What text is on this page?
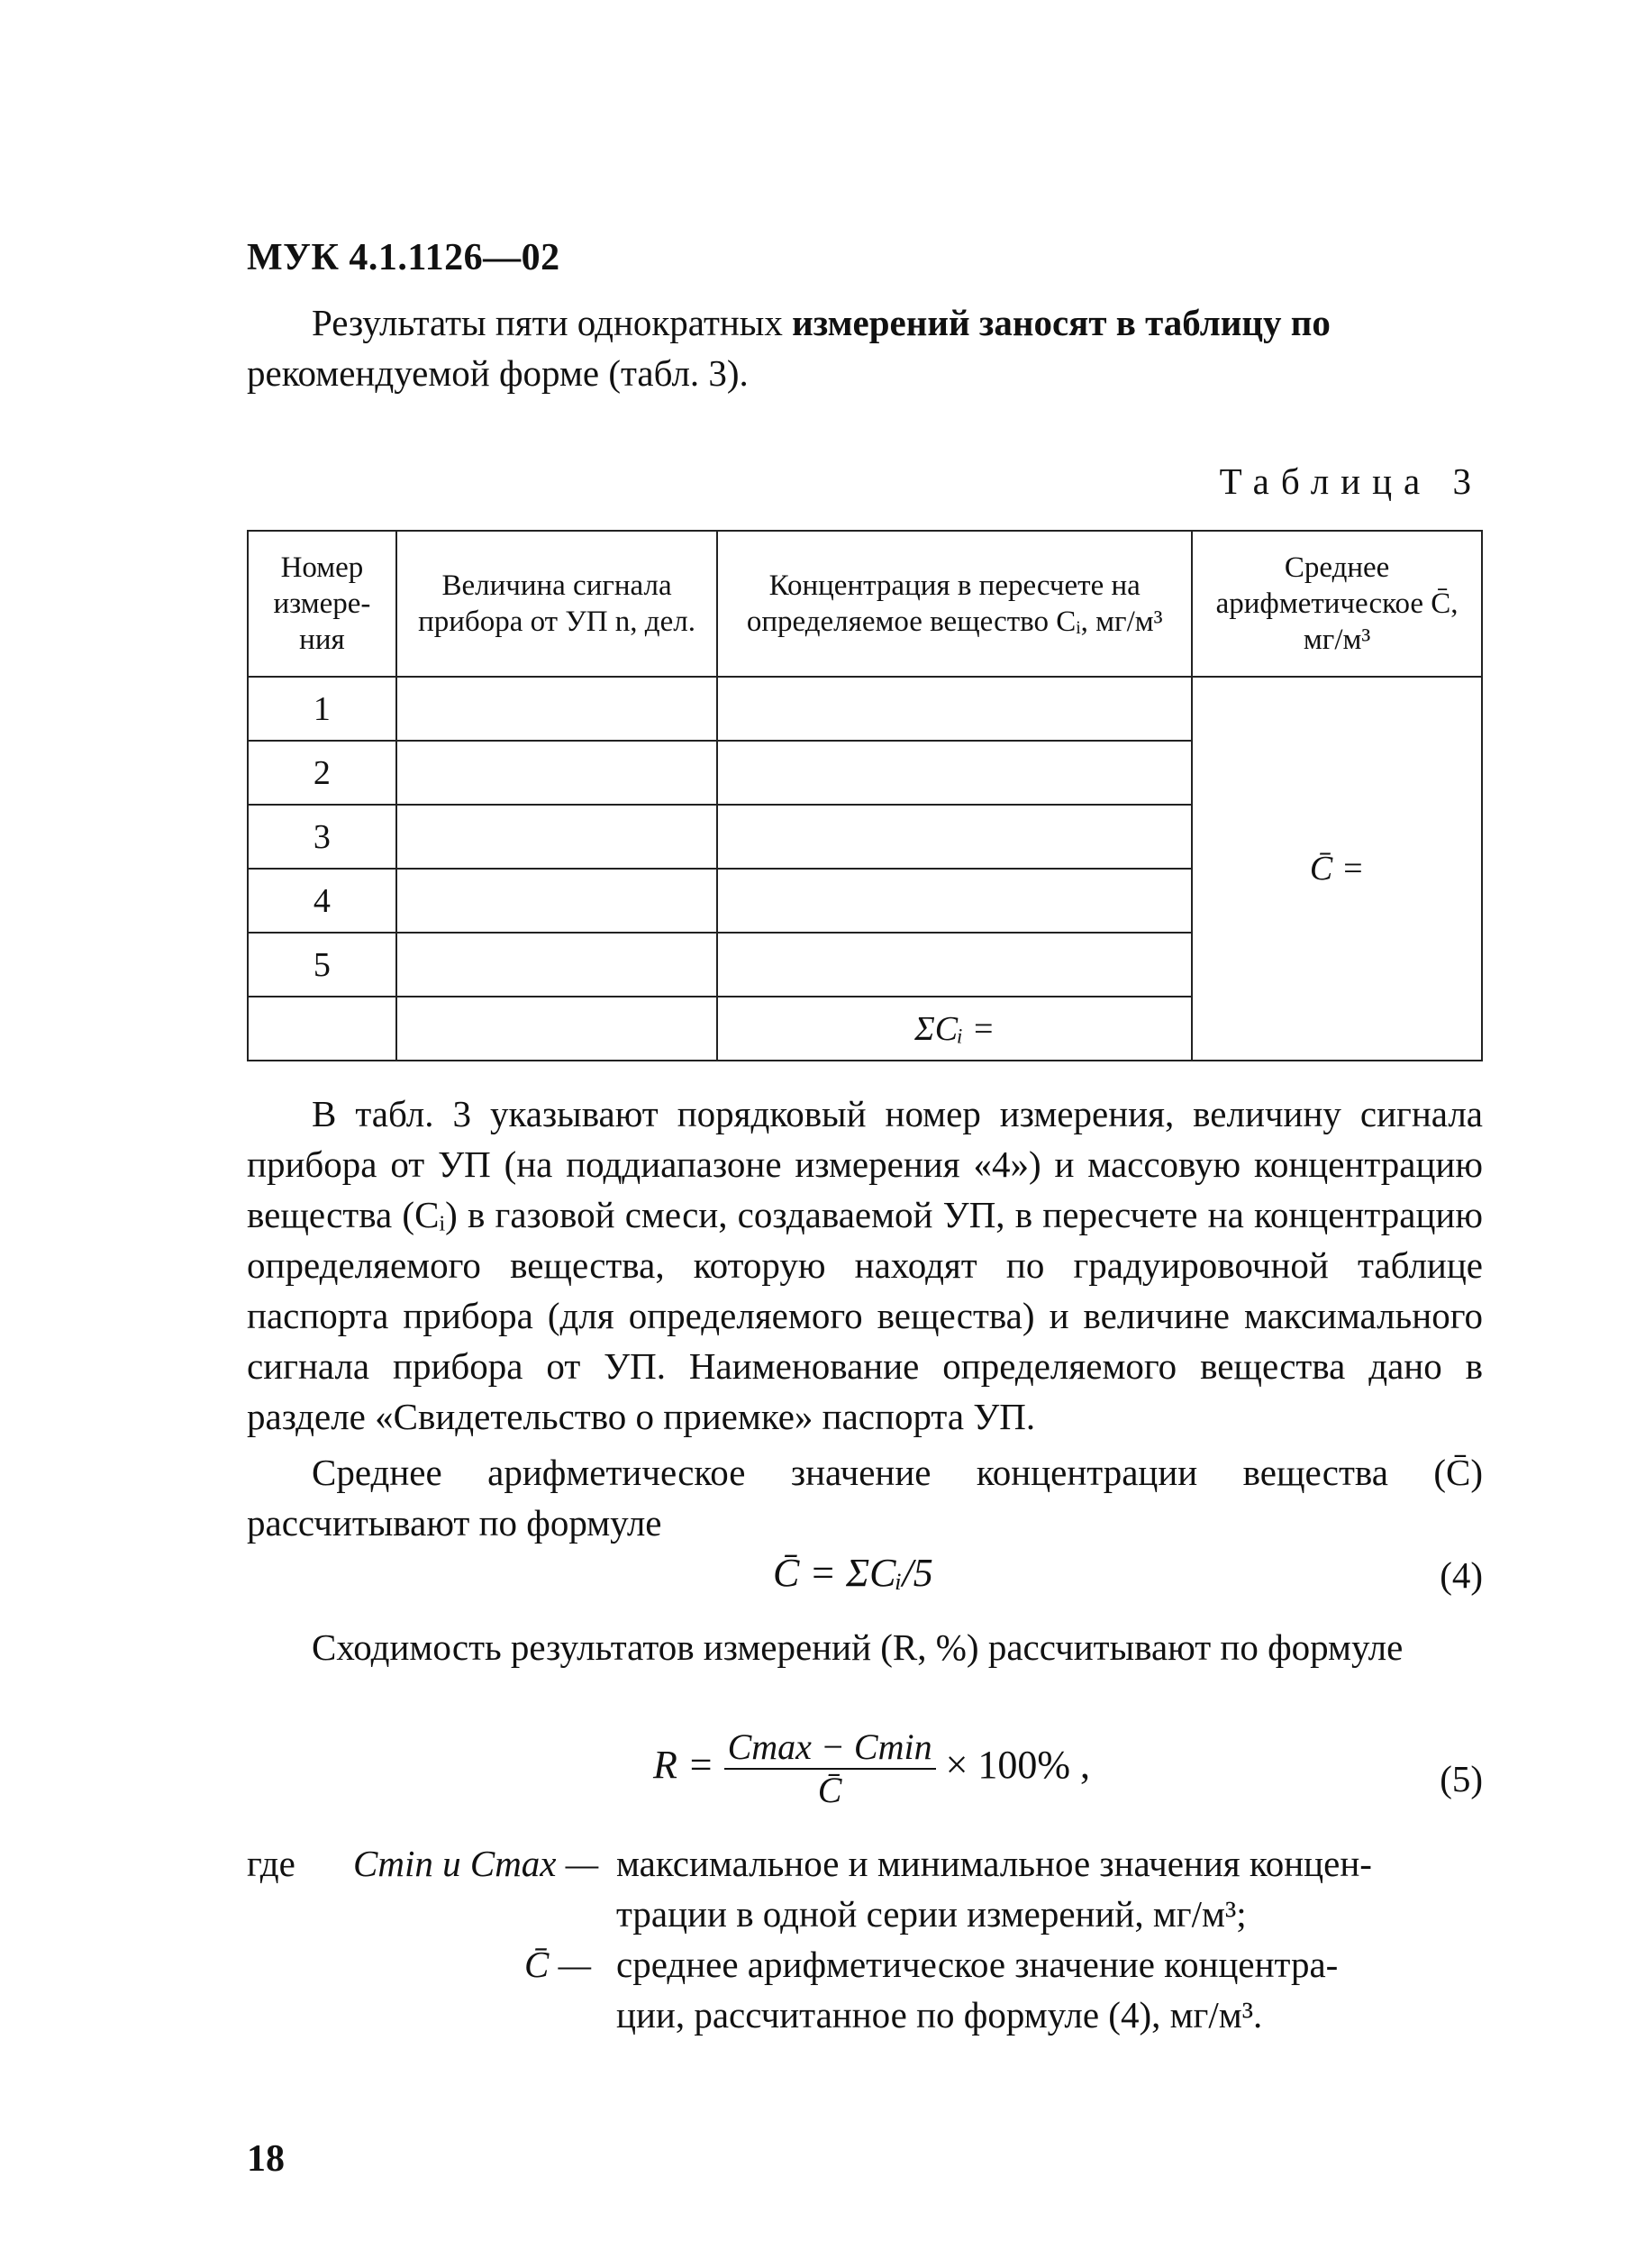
МУК 4.1.1126—02
Результаты пяти однократных измерений заносят в таблицу по
рекомендуемой форме (табл. 3).
Таблица 3
Номер измере-ния	Величина сигнала прибора от УП n, дел.	Концентрация в пересчете на определяемое вещество Cᵢ, мг/м³	Среднее арифметическое C̄, мг/м³
1			C̄ =
2			
3			
4			
5			
		ΣCᵢ =	
В табл. 3 указывают порядковый номер измерения, величину сигнала прибора от УП (на поддиапазоне измерения «4») и массовую концентрацию вещества (Cᵢ) в газовой смеси, создаваемой УП, в пересчете на концентрацию определяемого вещества, которую находят по градуировочной таблице паспорта прибора (для определяемого вещества) и величине максимального сигнала прибора от УП. Наименование определяемого вещества дано в разделе «Свидетельство о приемке» паспорта УП.
Среднее арифметическое значение концентрации вещества (C̄) рассчитывают по формуле
C̄ = ΣCᵢ/5	(4)
Сходимость результатов измерений (R, %) рассчитывают по формуле
$R = \frac{Cmax - Cmin}{C̄} \times 100\%$ ,	(5)
где Cmin и Cmax — максимальное и минимальное значения концен-
трации в одной серии измерений, мг/м³;
C̄ — среднее арифметическое значение концентра-
ции, рассчитанное по формуле (4), мг/м³.
18
